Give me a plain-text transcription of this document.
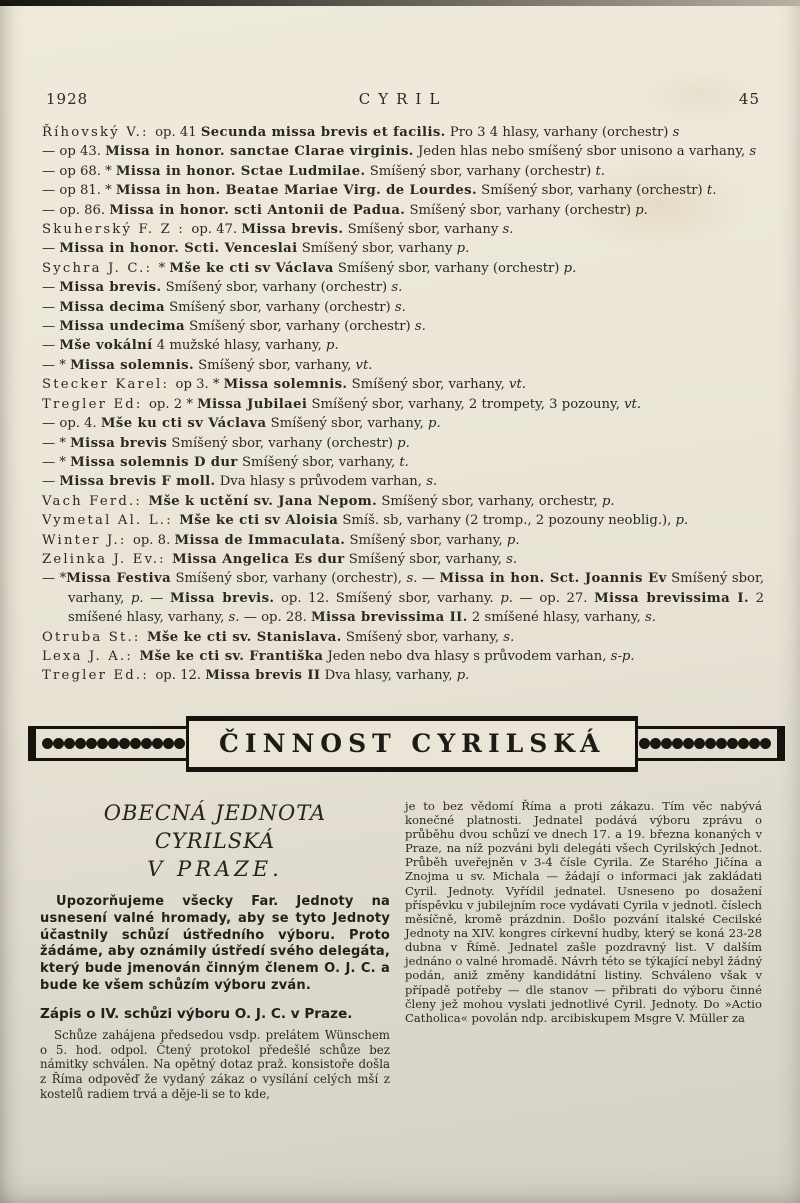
1928	CYRIL	45

Říhovský V.: op. 41 Secunda missa brevis et facilis. Pro 3 4 hlasy, varhany (orchestr) s

— op 43. Missa in honor. sanctae Clarae virginis. Jeden hlas nebo smíšený sbor unisono a varhany, s

— op 68. * Missa in honor. Sctae Ludmilae. Smíšený sbor, varhany (orchestr) t.

— op 81. * Missa in hon. Beatae Mariae Virg. de Lourdes. Smíšený sbor, varhany (orchestr) t.

— op. 86. Missa in honor. scti Antonii de Padua. Smíšený sbor, varhany (orchestr) p.

Skuherský F. Z : op. 47. Missa brevis. Smíšený sbor, varhany s.

— Missa in honor. Scti. Venceslai Smíšený sbor, varhany p.

Sychra J. C.: * Mše ke cti sv Václava Smíšený sbor, varhany (orchestr) p.

— Missa brevis. Smíšený sbor, varhany (orchestr) s.

— Missa decima Smíšený sbor, varhany (orchestr) s.

— Missa undecima Smíšený sbor, varhany (orchestr) s.

— Mše vokální 4 mužské hlasy, varhany, p.

— * Missa solemnis. Smíšený sbor, varhany, vt.

Stecker Karel: op 3. * Missa solemnis. Smíšený sbor, varhany, vt.

Tregler Ed: op. 2 * Missa Jubilaei Smíšený sbor, varhany, 2 trompety, 3 pozouny, vt.

— op. 4. Mše ku cti sv Václava Smíšený sbor, varhany, p.

— * Missa brevis Smíšený sbor, varhany (orchestr) p.

— * Missa solemnis D dur Smíšený sbor, varhany, t.

— Missa brevis F moll. Dva hlasy s průvodem varhan, s.

Vach Ferd.: Mše k uctění sv. Jana Nepom. Smíšený sbor, varhany, orchestr, p.

Vymetal Al. L.: Mše ke cti sv Aloisia Smíš. sb, varhany (2 tromp., 2 pozouny neoblig.), p.

Winter J.: op. 8. Missa de Immaculata. Smíšený sbor, varhany, p.

Zelinka J. Ev.: Missa Angelica Es dur Smíšený sbor, varhany, s.

— *Missa Festiva Smíšený sbor, varhany (orchestr), s. — Missa in hon. Sct. Joannis Ev Smíšený sbor, varhany, p. — Missa brevis. op. 12. Smíšený sbor, varhany. p. — op. 27. Missa brevissima I. 2 smíšené hlasy, varhany, s. — op. 28. Missa brevissima II. 2 smíšené hlasy, varhany, s.

Otruba St.: Mše ke cti sv. Stanislava. Smíšený sbor, varhany, s.

Lexa J. A.: Mše ke cti sv. Františka Jeden nebo dva hlasy s průvodem varhan, s-p.

Tregler Ed.: op. 12. Missa brevis II Dva hlasy, varhany, p.

ČINNOST CYRILSKÁ
OBECNÁ JEDNOTA CYRILSKÁ
V PRAZE.

Upozorňujeme všecky Far. Jednoty na usnesení valné hromady, aby se tyto Jednoty účastnily schůzí ústředního výboru. Proto žádáme, aby oznámily ústředí svého delegáta, který bude jmenován činným členem O. J. C. a bude ke všem schůzím výboru zván.

Zápis o IV. schůzi výboru O. J. C. v Praze.

Schůze zahájena předsedou vsdp. prelátem Wünschem o 5. hod. odpol. Čtený protokol předešlé schůze bez námitky schválen. Na opětný dotaz praž. konsistoře došla z Říma odpověď že vydaný zákaz o vysílání celých mší z kostelů radiem trvá a děje-li se to kde,

je to bez vědomí Říma a proti zákazu. Tím věc nabývá konečné platnosti. Jednatel podává výboru zprávu o průběhu dvou schůzí ve dnech 17. a 19. března konaných v Praze, na níž pozváni byli delegáti všech Cyrilských Jednot. Průběh uveřejněn v 3-4 čísle Cyrila. Ze Starého Jičína a Znojma u sv. Michala — žádají o informaci jak zakládati Cyril. Jednoty. Vyřídil jednatel. Usneseno po dosažení příspěvku v jubilejním roce vydávati Cyrila v jednotl. číslech měsíčně, kromě prázdnin. Došlo pozvání italské Cecilské Jednoty na XIV. kongres církevní hudby, který se koná 23-28 dubna v Římě. Jednatel zašle pozdravný list. V dalším jednáno o valné hromadě. Návrh této se týkající nebyl žádný podán, aniž změny kandidátní listiny. Schváleno však v případě potřeby — dle stanov — přibrati do výboru činné členy jež mohou vyslati jednotlivé Cyril. Jednoty. Do »Actio Catholica« povolán ndp. arcibiskupem Msgre V. Müller za
